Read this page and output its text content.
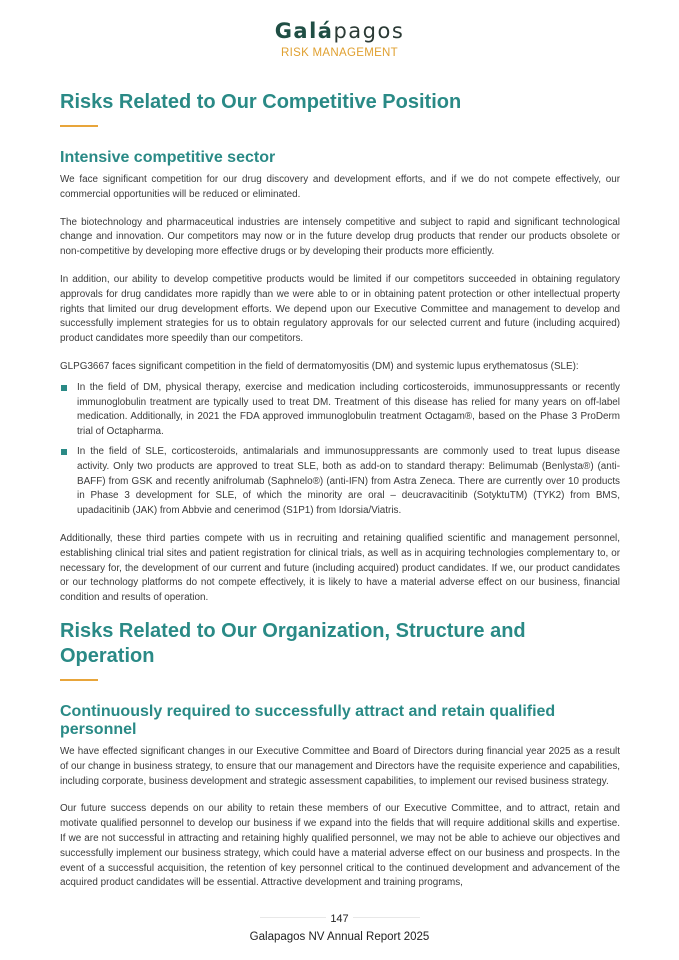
Galápagos
RISK MANAGEMENT
Risks Related to Our Competitive Position
Intensive competitive sector

We face significant competition for our drug discovery and development efforts, and if we do not compete effectively, our commercial opportunities will be reduced or eliminated.

The biotechnology and pharmaceutical industries are intensely competitive and subject to rapid and significant technological change and innovation. Our competitors may now or in the future develop drug products that render our products obsolete or non-competitive by developing more effective drugs or by developing their products more efficiently.

In addition, our ability to develop competitive products would be limited if our competitors succeeded in obtaining regulatory approvals for drug candidates more rapidly than we were able to or in obtaining patent protection or other intellectual property rights that limited our drug development efforts. We depend upon our Executive Committee and management to develop and successfully implement strategies for us to obtain regulatory approvals for our selected current and future (including acquired) product candidates more speedily than our competitors.

GLPG3667 faces significant competition in the field of dermatomyositis (DM) and systemic lupus erythematosus (SLE):

In the field of DM, physical therapy, exercise and medication including corticosteroids, immunosuppressants or recently immunoglobulin treatment are typically used to treat DM. Treatment of this disease has relied for many years on off-label medication. Additionally, in 2021 the FDA approved immunoglobulin treatment Octagam®, based on the Phase 3 ProDerm trial of Octapharma.
In the field of SLE, corticosteroids, antimalarials and immunosuppressants are commonly used to treat lupus disease activity. Only two products are approved to treat SLE, both as add-on to standard therapy: Belimumab (Benlysta®) (anti-BAFF) from GSK and recently anifrolumab (Saphnelo®) (anti-IFN) from Astra Zeneca. There are currently over 10 products in Phase 3 development for SLE, of which the minority are oral – deucravacitinib (SotyktuTM) (TYK2) from BMS, upadacitinib (JAK) from Abbvie and cenerimod (S1P1) from Idorsia/Viatris.

Additionally, these third parties compete with us in recruiting and retaining qualified scientific and management personnel, establishing clinical trial sites and patient registration for clinical trials, as well as in acquiring technologies complementary to, or necessary for, the development of our current and future (including acquired) product candidates. If we, our product candidates or our technology platforms do not compete effectively, it is likely to have a material adverse effect on our business, financial condition and results of operation.

Risks Related to Our Organization, Structure and Operation
Continuously required to successfully attract and retain qualified personnel

We have effected significant changes in our Executive Committee and Board of Directors during financial year 2025 as a result of our change in business strategy, to ensure that our management and Directors have the requisite experience and capabilities, including corporate, business development and strategic assessment capabilities, to implement our revised business strategy.

Our future success depends on our ability to retain these members of our Executive Committee, and to attract, retain and motivate qualified personnel to develop our business if we expand into the fields that will require additional skills and expertise. If we are not successful in attracting and retaining highly qualified personnel, we may not be able to achieve our objectives and successfully implement our business strategy, which could have a material adverse effect on our business and prospects. In the event of a successful acquisition, the retention of key personnel critical to the continued development and advancement of the acquired product candidates will be essential. Attractive development and training programs,

147
Galapagos NV Annual Report 2025
